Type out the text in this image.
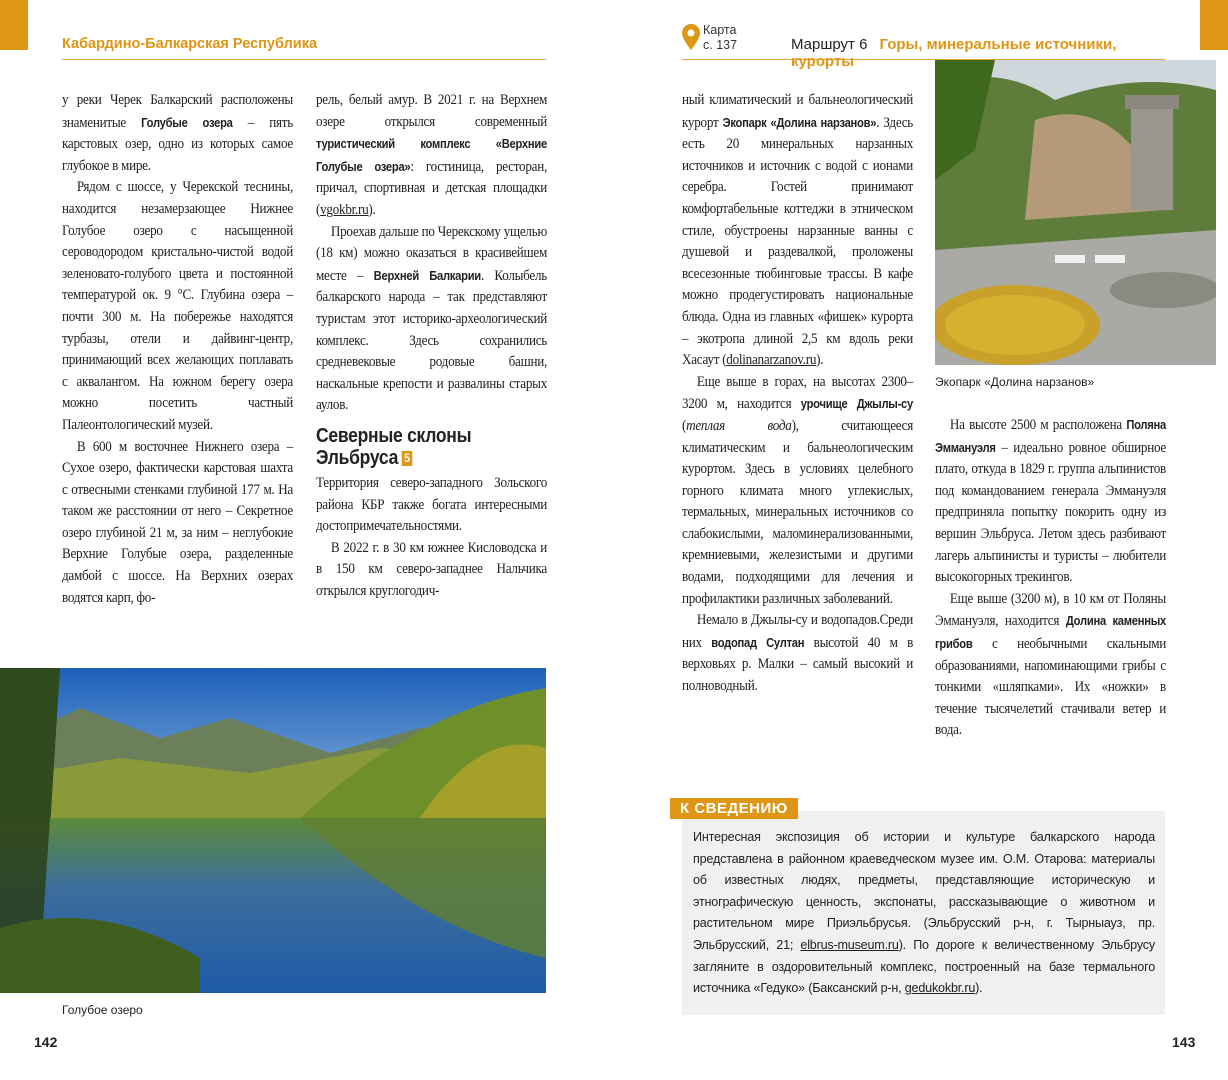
Кабардино-Балкарская Республика
Карта
с. 137	Маршрут 6 Горы, минеральные источники, курорты

у реки Черек Балкарский расположены знаменитые Голубые озера – пять карстовых озер, одно из которых самое глубокое в мире.

Рядом с шоссе, у Черекской теснины, находится незамерзающее Нижнее Голубое озеро с насыщенной сероводородом кристально-чистой водой зеленовато-голубого цвета и постоянной температурой ок. 9 °C. Глубина озера – почти 300 м. На побережье находятся турбазы, отели и дайвинг-центр, принимающий всех желающих поплавать с аквалангом. На южном берегу озера можно посетить частный Палеонтологический музей.

В 600 м восточнее Нижнего озера – Сухое озеро, фактически карстовая шахта с отвесными стенками глубиной 177 м. На таком же расстоянии от него – Секретное озеро глубиной 21 м, за ним – неглубокие Верхние Голубые озера, разделенные дамбой с шоссе. На Верхних озерах водятся карп, фо-

рель, белый амур. В 2021 г. на Верхнем озере открылся современный туристический комплекс «Верхние Голубые озера»: гостиница, ресторан, причал, спортивная и детская площадки (vgokbr.ru).

Проехав дальше по Черекскому ущелью (18 км) можно оказаться в красивейшем месте – Верхней Балкарии. Колыбель балкарского народа – так представляют туристам этот историко-археологический комплекс. Здесь сохранились средневековые родовые башни, наскальные крепости и развалины старых аулов.

Северные склоны Эльбруса 5

Территория северо-западного Зольского района КБР также богата интересными достопримечательностями.

В 2022 г. в 30 км южнее Кисловодска и в 150 км северо-западнее Нальчика открылся круглогодич-

Голубое озеро
142

ный климатический и бальнеологический курорт Экопарк «Долина нарзанов». Здесь есть 20 минеральных нарзанных источников и источник с водой с ионами серебра. Гостей принимают комфортабельные коттеджи в этническом стиле, обустроены нарзанные ванны с душевой и раздевалкой, проложены всесезонные тюбинговые трассы. В кафе можно продегустировать национальные блюда. Одна из главных «фишек» курорта – экотропа длиной 2,5 км вдоль реки Хасаут (dolinanarzanov.ru).

Еще выше в горах, на высотах 2300–3200 м, находится урочище Джылы-су (теплая вода), считающееся климатическим и бальнеологическим курортом. Здесь в условиях целебного горного климата много углекислых, термальных, минеральных источников со слабокислыми, маломинерализованными, кремниевыми, железистыми и другими водами, подходящими для лечения и профилактики различных заболеваний.

Немало в Джылы-су и водопадов.Среди них водопад Султан высотой 40 м в верховьях р. Малки – самый высокий и полноводный.

Экопарк «Долина нарзанов»

На высоте 2500 м расположена Поляна Эммануэля – идеально ровное обширное плато, откуда в 1829 г. группа альпинистов под командованием генерала Эммануэля предприняла попытку покорить одну из вершин Эльбруса. Летом здесь разбивают лагерь альпинисты и туристы – любители высокогорных трекингов.

Еще выше (3200 м), в 10 км от Поляны Эммануэля, находится Долина каменных грибов с необычными скальными образованиями, напоминающими грибы с тонкими «шляпками». Их «ножки» в течение тысячелетий стачивали ветер и вода.

К СВЕДЕНИЮ
Интересная экспозиция об истории и культуре балкарского народа представлена в районном краеведческом музее им. О.М. Отарова: материалы об известных людях, предметы, представляющие историческую и этнографическую ценность, экспонаты, рассказывающие о животном и растительном мире Приэльбрусья. (Эльбрусский р-н, г. Тырныауз, пр. Эльбрусский, 21; elbrus-museum.ru). По дороге к величественному Эльбрусу загляните в оздоровительный комплекс, построенный на базе термального источника «Гедуко» (Баксанский р-н, gedukokbr.ru).
143
